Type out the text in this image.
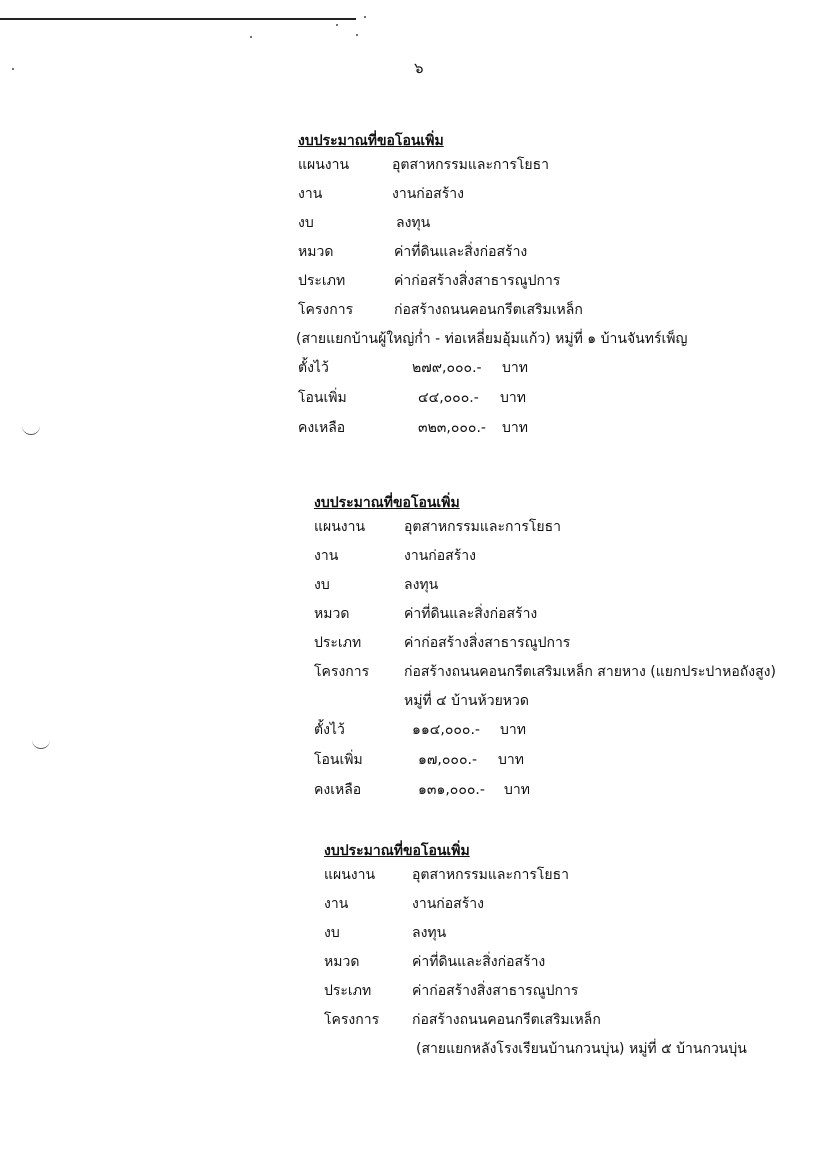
๖
งบประมาณที่ขอโอนเพิ่ม
แผนงาน	อุตสาหกรรมและการโยธา
งาน	งานก่อสร้าง
งบ	ลงทุน
หมวด	ค่าที่ดินและสิ่งก่อสร้าง
ประเภท	ค่าก่อสร้างสิ่งสาธารณูปการ
โครงการ	ก่อสร้างถนนคอนกรีตเสริมเหล็ก
(สายแยกบ้านผู้ใหญ่ก่ำ - ท่อเหลี่ยมอุ้มแก้ว) หมู่ที่ ๑ บ้านจันทร์เพ็ญ
ตั้งไว้	๒๗๙,๐๐๐.- บาท
โอนเพิ่ม	๔๔,๐๐๐.- บาท
คงเหลือ	๓๒๓,๐๐๐.- บาท
งบประมาณที่ขอโอนเพิ่ม
แผนงาน	อุตสาหกรรมและการโยธา
งาน	งานก่อสร้าง
งบ	ลงทุน
หมวด	ค่าที่ดินและสิ่งก่อสร้าง
ประเภท	ค่าก่อสร้างสิ่งสาธารณูปการ
โครงการ ก่อสร้างถนนคอนกรีตเสริมเหล็ก สายหาง (แยกประปาหอถังสูง)
หมู่ที่ ๔ บ้านห้วยหวด
ตั้งไว้	๑๑๔,๐๐๐.- บาท
โอนเพิ่ม	๑๗,๐๐๐.- บาท
คงเหลือ	๑๓๑,๐๐๐.- บาท
งบประมาณที่ขอโอนเพิ่ม
แผนงาน	อุตสาหกรรมและการโยธา
งาน	งานก่อสร้าง
งบ	ลงทุน
หมวด	ค่าที่ดินและสิ่งก่อสร้าง
ประเภท	ค่าก่อสร้างสิ่งสาธารณูปการ
โครงการ ก่อสร้างถนนคอนกรีตเสริมเหล็ก
(สายแยกหลังโรงเรียนบ้านกวนบุ่น) หมู่ที่ ๕ บ้านกวนบุ่น
